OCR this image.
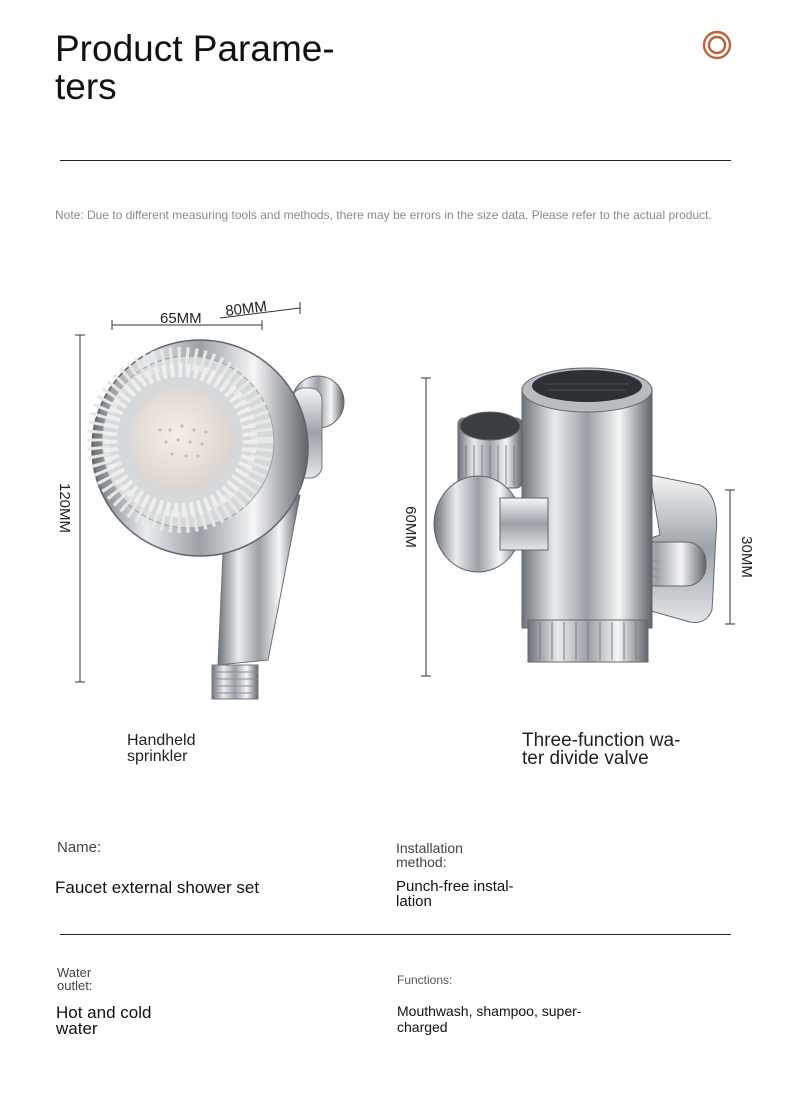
Product Parame-
ters
Note: Due to different measuring tools and methods, there may be errors in the size data. Please refer to the actual product.
65MM 80MM
120MM	60MM
30MM
Handheld
sprinkler
Three-function wa-
ter divide valve
Name:
Faucet external shower set
Installation
method:
Punch-free instal-
lation
Water
outlet:
Hot and cold
water
Functions:
Mouthwash, shampoo, super-
charged
